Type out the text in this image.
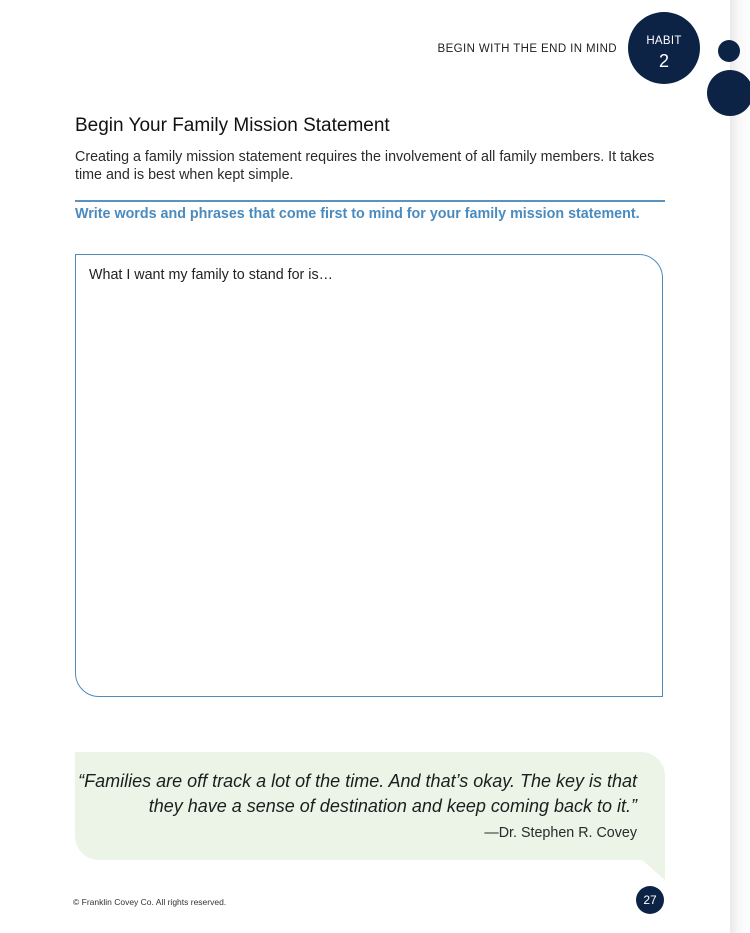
BEGIN WITH THE END IN MIND
HABIT
2
Begin Your Family Mission Statement

Creating a family mission statement requires the involvement of all family members. It takes time and is best when kept simple.

Write words and phrases that come first to mind for your family mission statement.
What I want my family to stand for is…

“Families are off track a lot of the time. And that’s okay. The key is that they have a sense of destination and keep coming back to it.”

—Dr. Stephen R. Covey
© Franklin Covey Co. All rights reserved.	27
